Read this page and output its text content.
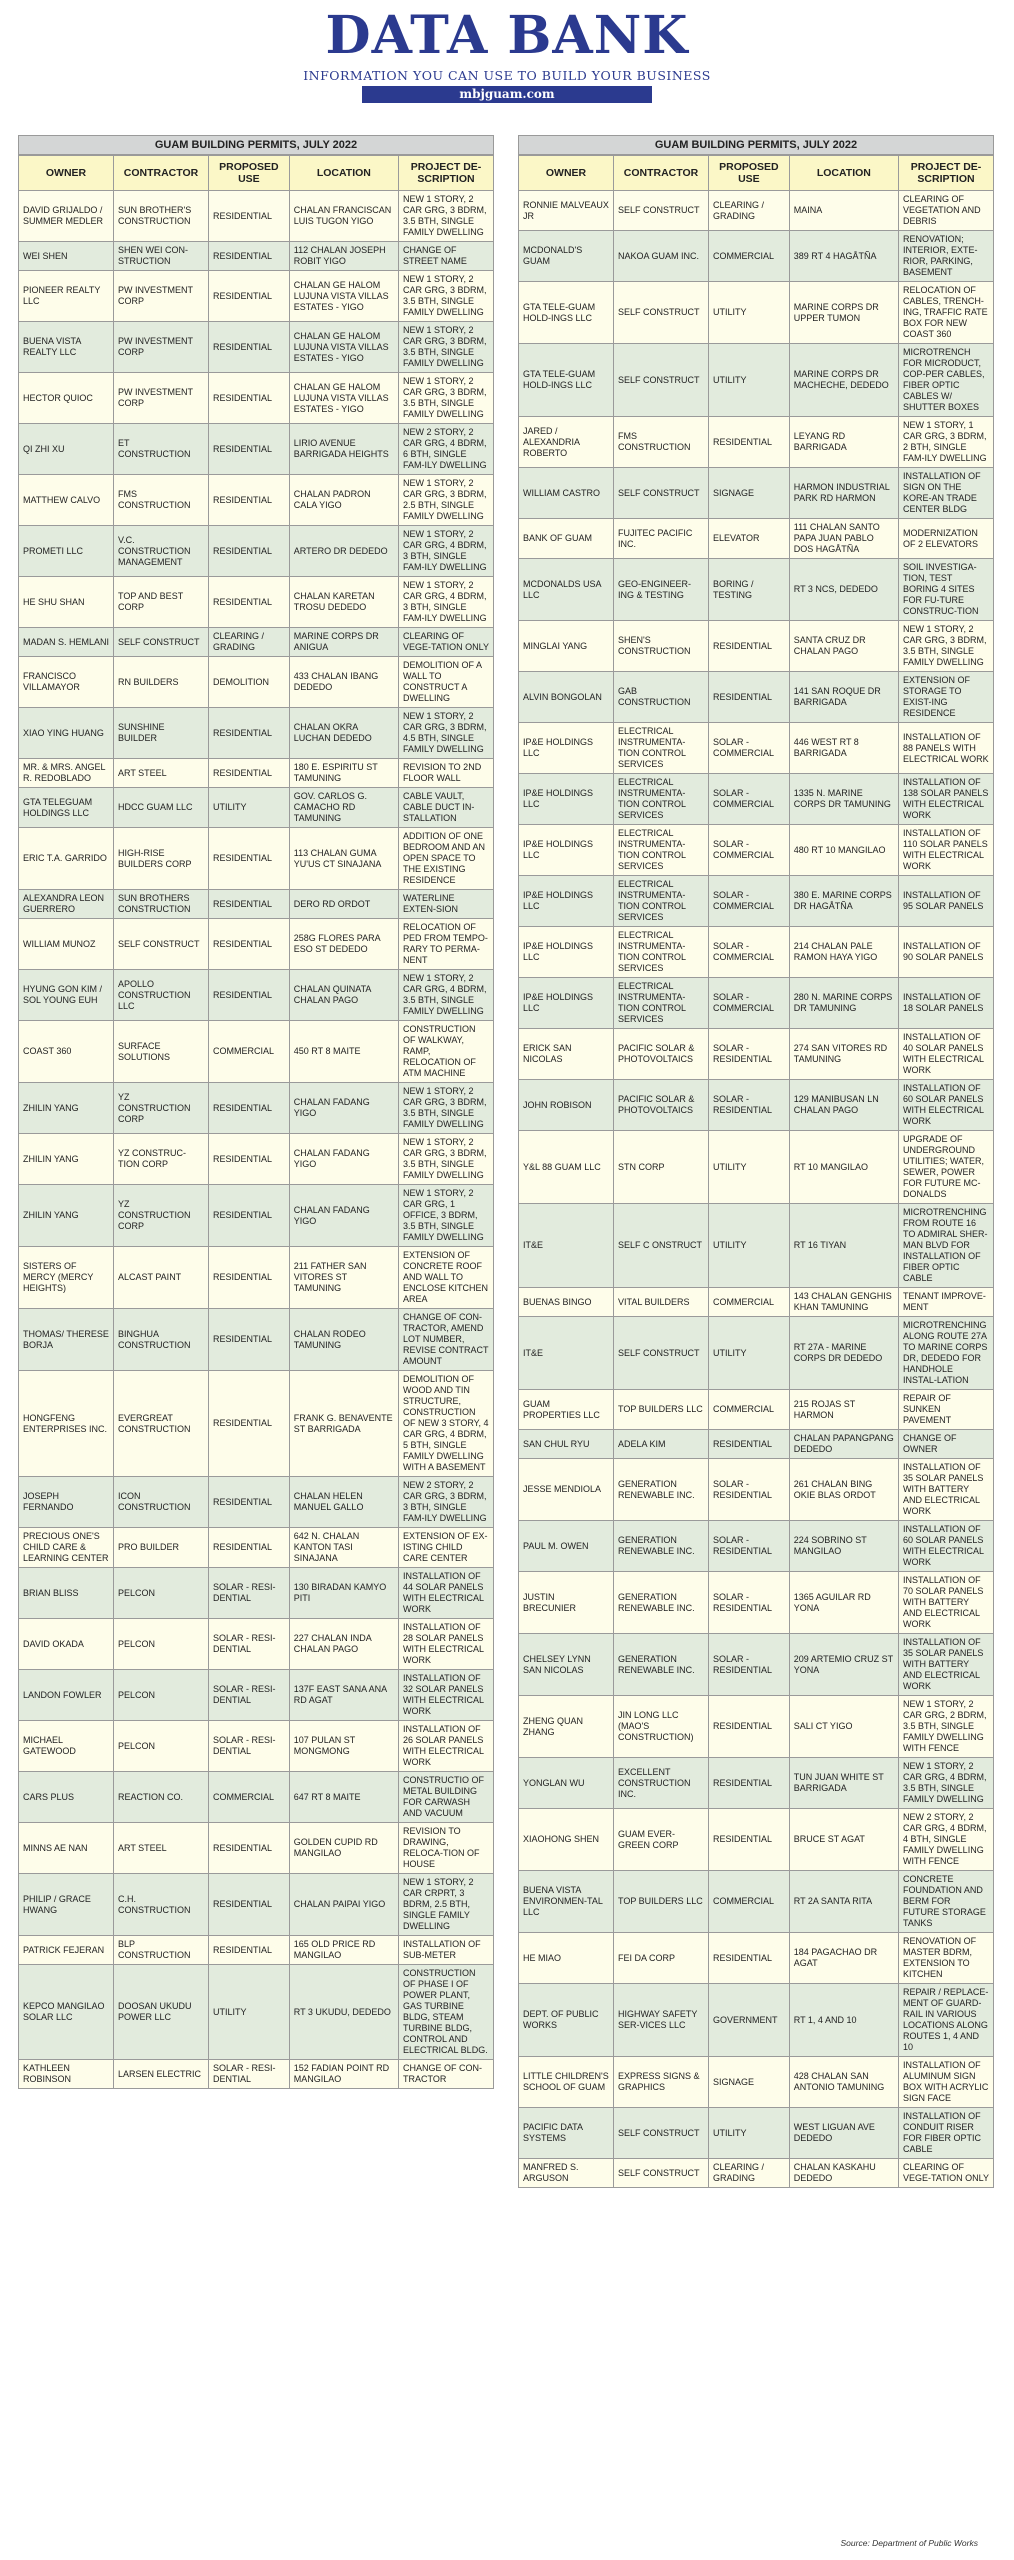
DATA BANK
INFORMATION YOU CAN USE TO BUILD YOUR BUSINESS
mbjguam.com
GUAM BUILDING PERMITS, JULY 2022
OWNER	CONTRACTOR	PROPOSED USE	LOCATION	PROJECT DE-SCRIPTION
DAVID GRIJALDO / SUMMER MEDLER	SUN BROTHER'S CONSTRUCTION	RESIDENTIAL	CHALAN FRANCISCAN LUIS TUGON YIGO	NEW 1 STORY, 2 CAR GRG, 3 BDRM, 3.5 BTH, SINGLE FAMILY DWELLING
WEI SHEN	SHEN WEI CON-STRUCTION	RESIDENTIAL	112 CHALAN JOSEPH ROBIT YIGO	CHANGE OF STREET NAME
PIONEER REALTY LLC	PW INVESTMENT CORP	RESIDENTIAL	CHALAN GE HALOM LUJUNA VISTA VILLAS ESTATES - YIGO	NEW 1 STORY, 2 CAR GRG, 3 BDRM, 3.5 BTH, SINGLE FAMILY DWELLING
BUENA VISTA REALTY LLC	PW INVESTMENT CORP	RESIDENTIAL	CHALAN GE HALOM LUJUNA VISTA VILLAS ESTATES - YIGO	NEW 1 STORY, 2 CAR GRG, 3 BDRM, 3.5 BTH, SINGLE FAMILY DWELLING
HECTOR QUIOC	PW INVESTMENT CORP	RESIDENTIAL	CHALAN GE HALOM LUJUNA VISTA VILLAS ESTATES - YIGO	NEW 1 STORY, 2 CAR GRG, 3 BDRM, 3.5 BTH, SINGLE FAMILY DWELLING
QI ZHI XU	ET CONSTRUCTION	RESIDENTIAL	LIRIO AVENUE BARRIGADA HEIGHTS	NEW 2 STORY, 2 CAR GRG, 4 BDRM, 6 BTH, SINGLE FAM-ILY DWELLING
MATTHEW CALVO	FMS CONSTRUCTION	RESIDENTIAL	CHALAN PADRON CALA YIGO	NEW 1 STORY, 2 CAR GRG, 3 BDRM, 2.5 BTH, SINGLE FAMILY DWELLING
PROMETI LLC	V.C. CONSTRUCTION MANAGEMENT	RESIDENTIAL	ARTERO DR DEDEDO	NEW 1 STORY, 2 CAR GRG, 4 BDRM, 3 BTH, SINGLE FAM-ILY DWELLING
HE SHU SHAN	TOP AND BEST CORP	RESIDENTIAL	CHALAN KARETAN TROSU DEDEDO	NEW 1 STORY, 2 CAR GRG, 4 BDRM, 3 BTH, SINGLE FAM-ILY DWELLING
MADAN S. HEMLANI	SELF CONSTRUCT	CLEARING / GRADING	MARINE CORPS DR ANIGUA	CLEARING OF VEGE-TATION ONLY
FRANCISCO VILLAMAYOR	RN BUILDERS	DEMOLITION	433 CHALAN IBANG DEDEDO	DEMOLITION OF A WALL TO CONSTRUCT A DWELLING
XIAO YING HUANG	SUNSHINE BUILDER	RESIDENTIAL	CHALAN OKRA LUCHAN DEDEDO	NEW 1 STORY, 2 CAR GRG, 3 BDRM, 4.5 BTH, SINGLE FAMILY DWELLING
MR. & MRS. ANGEL R. REDOBLADO	ART STEEL	RESIDENTIAL	180 E. ESPIRITU ST TAMUNING	REVISION TO 2ND FLOOR WALL
GTA TELEGUAM HOLDINGS LLC	HDCC GUAM LLC	UTILITY	GOV. CARLOS G. CAMACHO RD TAMUNING	CABLE VAULT, CABLE DUCT IN-STALLATION
ERIC T.A. GARRIDO	HIGH-RISE BUILDERS CORP	RESIDENTIAL	113 CHALAN GUMA YU'US CT SINAJANA	ADDITION OF ONE BEDROOM AND AN OPEN SPACE TO THE EXISTING RESIDENCE
ALEXANDRA LEON GUERRERO	SUN BROTHERS CONSTRUCTION	RESIDENTIAL	DERO RD ORDOT	WATERLINE EXTEN-SION
WILLIAM MUNOZ	SELF CONSTRUCT	RESIDENTIAL	258G FLORES PARA ESO ST DEDEDO	RELOCATION OF PED FROM TEMPO-RARY TO PERMA-NENT
HYUNG GON KIM / SOL YOUNG EUH	APOLLO CONSTRUCTION LLC	RESIDENTIAL	CHALAN QUINATA CHALAN PAGO	NEW 1 STORY, 2 CAR GRG, 4 BDRM, 3.5 BTH, SINGLE FAMILY DWELLING
COAST 360	SURFACE SOLUTIONS	COMMERCIAL	450 RT 8 MAITE	CONSTRUCTION OF WALKWAY, RAMP, RELOCATION OF ATM MACHINE
ZHILIN YANG	YZ CONSTRUCTION CORP	RESIDENTIAL	CHALAN FADANG YIGO	NEW 1 STORY, 2 CAR GRG, 3 BDRM, 3.5 BTH, SINGLE FAMILY DWELLING
ZHILIN YANG	YZ CONSTRUC-TION CORP	RESIDENTIAL	CHALAN FADANG YIGO	NEW 1 STORY, 2 CAR GRG, 3 BDRM, 3.5 BTH, SINGLE FAMILY DWELLING
ZHILIN YANG	YZ CONSTRUCTION CORP	RESIDENTIAL	CHALAN FADANG YIGO	NEW 1 STORY, 2 CAR GRG, 1 OFFICE, 3 BDRM, 3.5 BTH, SINGLE FAMILY DWELLING
SISTERS OF MERCY (MERCY HEIGHTS)	ALCAST PAINT	RESIDENTIAL	211 FATHER SAN VITORES ST TAMUNING	EXTENSION OF CONCRETE ROOF AND WALL TO ENCLOSE KITCHEN AREA
THOMAS/ THERESE BORJA	BINGHUA CONSTRUCTION	RESIDENTIAL	CHALAN RODEO TAMUNING	CHANGE OF CON-TRACTOR, AMEND LOT NUMBER, REVISE CONTRACT AMOUNT
HONGFENG ENTERPRISES INC.	EVERGREAT CONSTRUCTION	RESIDENTIAL	FRANK G. BENAVENTE ST BARRIGADA	DEMOLITION OF WOOD AND TIN STRUCTURE, CONSTRUCTION OF NEW 3 STORY, 4 CAR GRG, 4 BDRM, 5 BTH, SINGLE FAMILY DWELLING WITH A BASEMENT
JOSEPH FERNANDO	ICON CONSTRUCTION	RESIDENTIAL	CHALAN HELEN MANUEL GALLO	NEW 2 STORY, 2 CAR GRG, 3 BDRM, 3 BTH, SINGLE FAM-ILY DWELLING
PRECIOUS ONE'S CHILD CARE & LEARNING CENTER	PRO BUILDER	RESIDENTIAL	642 N. CHALAN KANTON TASI SINAJANA	EXTENSION OF EX-ISTING CHILD CARE CENTER
BRIAN BLISS	PELCON	SOLAR - RESI-DENTIAL	130 BIRADAN KAMYO PITI	INSTALLATION OF 44 SOLAR PANELS WITH ELECTRICAL WORK
DAVID OKADA	PELCON	SOLAR - RESI-DENTIAL	227 CHALAN INDA CHALAN PAGO	INSTALLATION OF 28 SOLAR PANELS WITH ELECTRICAL WORK
LANDON FOWLER	PELCON	SOLAR - RESI-DENTIAL	137F EAST SANA ANA RD AGAT	INSTALLATION OF 32 SOLAR PANELS WITH ELECTRICAL WORK
MICHAEL GATEWOOD	PELCON	SOLAR - RESI-DENTIAL	107 PULAN ST MONGMONG	INSTALLATION OF 26 SOLAR PANELS WITH ELECTRICAL WORK
CARS PLUS	REACTION CO.	COMMERCIAL	647 RT 8 MAITE	CONSTRUCTIO OF METAL BUILDING FOR CARWASH AND VACUUM
MINNS AE NAN	ART STEEL	RESIDENTIAL	GOLDEN CUPID RD MANGILAO	REVISION TO DRAWING, RELOCA-TION OF HOUSE
PHILIP / GRACE HWANG	C.H. CONSTRUCTION	RESIDENTIAL	CHALAN PAIPAI YIGO	NEW 1 STORY, 2 CAR CRPRT, 3 BDRM, 2.5 BTH, SINGLE FAMILY DWELLING
PATRICK FEJERAN	BLP CONSTRUCTION	RESIDENTIAL	165 OLD PRICE RD MANGILAO	INSTALLATION OF SUB-METER
KEPCO MANGILAO SOLAR LLC	DOOSAN UKUDU POWER LLC	UTILITY	RT 3 UKUDU, DEDEDO	CONSTRUCTION OF PHASE I OF POWER PLANT, GAS TURBINE BLDG, STEAM TURBINE BLDG, CONTROL AND ELECTRICAL BLDG.
KATHLEEN ROBINSON	LARSEN ELECTRIC	SOLAR - RESI-DENTIAL	152 FADIAN POINT RD MANGILAO	CHANGE OF CON-TRACTOR
GUAM BUILDING PERMITS, JULY 2022
OWNER	CONTRACTOR	PROPOSED USE	LOCATION	PROJECT DE-SCRIPTION
RONNIE MALVEAUX JR	SELF CONSTRUCT	CLEARING / GRADING	MAINA	CLEARING OF VEGETATION AND DEBRIS
MCDONALD'S GUAM	NAKOA GUAM INC.	COMMERCIAL	389 RT 4 HAGÅTÑA	RENOVATION; INTERIOR, EXTE-RIOR, PARKING, BASEMENT
GTA TELE-GUAM HOLD-INGS LLC	SELF CONSTRUCT	UTILITY	MARINE CORPS DR UPPER TUMON	RELOCATION OF CABLES, TRENCH-ING, TRAFFIC RATE BOX FOR NEW COAST 360
GTA TELE-GUAM HOLD-INGS LLC	SELF CONSTRUCT	UTILITY	MARINE CORPS DR MACHECHE, DEDEDO	MICROTRENCH FOR MICRODUCT, COP-PER CABLES, FIBER OPTIC CABLES W/ SHUTTER BOXES
JARED / ALEXANDRIA ROBERTO	FMS CONSTRUCTION	RESIDENTIAL	LEYANG RD BARRIGADA	NEW 1 STORY, 1 CAR GRG, 3 BDRM, 2 BTH, SINGLE FAM-ILY DWELLING
WILLIAM CASTRO	SELF CONSTRUCT	SIGNAGE	HARMON INDUSTRIAL PARK RD HARMON	INSTALLATION OF SIGN ON THE KORE-AN TRADE CENTER BLDG
BANK OF GUAM	FUJITEC PACIFIC INC.	ELEVATOR	111 CHALAN SANTO PAPA JUAN PABLO DOS HAGÅTÑA	MODERNIZATION OF 2 ELEVATORS
MCDONALDS USA LLC	GEO-ENGINEER-ING & TESTING	BORING / TESTING	RT 3 NCS, DEDEDO	SOIL INVESTIGA-TION, TEST BORING 4 SITES FOR FU-TURE CONSTRUC-TION
MINGLAI YANG	SHEN'S CONSTRUCTION	RESIDENTIAL	SANTA CRUZ DR CHALAN PAGO	NEW 1 STORY, 2 CAR GRG, 3 BDRM, 3.5 BTH, SINGLE FAMILY DWELLING
ALVIN BONGOLAN	GAB CONSTRUCTION	RESIDENTIAL	141 SAN ROQUE DR BARRIGADA	EXTENSION OF STORAGE TO EXIST-ING RESIDENCE
IP&E HOLDINGS LLC	ELECTRICAL INSTRUMENTA-TION CONTROL SERVICES	SOLAR - COMMERCIAL	446 WEST RT 8 BARRIGADA	INSTALLATION OF 88 PANELS WITH ELECTRICAL WORK
IP&E HOLDINGS LLC	ELECTRICAL INSTRUMENTA-TION CONTROL SERVICES	SOLAR - COMMERCIAL	1335 N. MARINE CORPS DR TAMUNING	INSTALLATION OF 138 SOLAR PANELS WITH ELECTRICAL WORK
IP&E HOLDINGS LLC	ELECTRICAL INSTRUMENTA-TION CONTROL SERVICES	SOLAR - COMMERCIAL	480 RT 10 MANGILAO	INSTALLATION OF 110 SOLAR PANELS WITH ELECTRICAL WORK
IP&E HOLDINGS LLC	ELECTRICAL INSTRUMENTA-TION CONTROL SERVICES	SOLAR - COMMERCIAL	380 E. MARINE CORPS DR HAGÅTÑA	INSTALLATION OF 95 SOLAR PANELS
IP&E HOLDINGS LLC	ELECTRICAL INSTRUMENTA-TION CONTROL SERVICES	SOLAR - COMMERCIAL	214 CHALAN PALE RAMON HAYA YIGO	INSTALLATION OF 90 SOLAR PANELS
IP&E HOLDINGS LLC	ELECTRICAL INSTRUMENTA-TION CONTROL SERVICES	SOLAR - COMMERCIAL	280 N. MARINE CORPS DR TAMUNING	INSTALLATION OF 18 SOLAR PANELS
ERICK SAN NICOLAS	PACIFIC SOLAR & PHOTOVOLTAICS	SOLAR - RESIDENTIAL	274 SAN VITORES RD TAMUNING	INSTALLATION OF 40 SOLAR PANELS WITH ELECTRICAL WORK
JOHN ROBISON	PACIFIC SOLAR & PHOTOVOLTAICS	SOLAR - RESIDENTIAL	129 MANIBUSAN LN CHALAN PAGO	INSTALLATION OF 60 SOLAR PANELS WITH ELECTRICAL WORK
Y&L 88 GUAM LLC	STN CORP	UTILITY	RT 10 MANGILAO	UPGRADE OF UNDERGROUND UTILITIES; WATER, SEWER, POWER FOR FUTURE MC-DONALDS
IT&E	SELF C ONSTRUCT	UTILITY	RT 16 TIYAN	MICROTRENCHING FROM ROUTE 16 TO ADMIRAL SHER-MAN BLVD FOR INSTALLATION OF FIBER OPTIC CABLE
BUENAS BINGO	VITAL BUILDERS	COMMERCIAL	143 CHALAN GENGHIS KHAN TAMUNING	TENANT IMPROVE-MENT
IT&E	SELF CONSTRUCT	UTILITY	RT 27A - MARINE CORPS DR DEDEDO	MICROTRENCHING ALONG ROUTE 27A TO MARINE CORPS DR, DEDEDO FOR HANDHOLE INSTAL-LATION
GUAM PROPERTIES LLC	TOP BUILDERS LLC	COMMERCIAL	215 ROJAS ST HARMON	REPAIR OF SUNKEN PAVEMENT
SAN CHUL RYU	ADELA KIM	RESIDENTIAL	CHALAN PAPANGPANG DEDEDO	CHANGE OF OWNER
JESSE MENDIOLA	GENERATION RENEWABLE INC.	SOLAR - RESIDENTIAL	261 CHALAN BING OKIE BLAS ORDOT	INSTALLATION OF 35 SOLAR PANELS WITH BATTERY AND ELECTRICAL WORK
PAUL M. OWEN	GENERATION RENEWABLE INC.	SOLAR - RESIDENTIAL	224 SOBRINO ST MANGILAO	INSTALLATION OF 60 SOLAR PANELS WITH ELECTRICAL WORK
JUSTIN BRECUNIER	GENERATION RENEWABLE INC.	SOLAR - RESIDENTIAL	1365 AGUILAR RD YONA	INSTALLATION OF 70 SOLAR PANELS WITH BATTERY AND ELECTRICAL WORK
CHELSEY LYNN SAN NICOLAS	GENERATION RENEWABLE INC.	SOLAR - RESIDENTIAL	209 ARTEMIO CRUZ ST YONA	INSTALLATION OF 35 SOLAR PANELS WITH BATTERY AND ELECTRICAL WORK
ZHENG QUAN ZHANG	JIN LONG LLC (MAO'S CONSTRUCTION)	RESIDENTIAL	SALI CT YIGO	NEW 1 STORY, 2 CAR GRG, 2 BDRM, 3.5 BTH, SINGLE FAMILY DWELLING WITH FENCE
YONGLAN WU	EXCELLENT CONSTRUCTION INC.	RESIDENTIAL	TUN JUAN WHITE ST BARRIGADA	NEW 1 STORY, 2 CAR GRG, 4 BDRM, 3.5 BTH, SINGLE FAMILY DWELLING
XIAOHONG SHEN	GUAM EVER-GREEN CORP	RESIDENTIAL	BRUCE ST AGAT	NEW 2 STORY, 2 CAR GRG, 4 BDRM, 4 BTH, SINGLE FAMILY DWELLING WITH FENCE
BUENA VISTA ENVIRONMEN-TAL LLC	TOP BUILDERS LLC	COMMERCIAL	RT 2A SANTA RITA	CONCRETE FOUNDATION AND BERM FOR FUTURE STORAGE TANKS
HE MIAO	FEI DA CORP	RESIDENTIAL	184 PAGACHAO DR AGAT	RENOVATION OF MASTER BDRM, EXTENSION TO KITCHEN
DEPT. OF PUBLIC WORKS	HIGHWAY SAFETY SER-VICES LLC	GOVERNMENT	RT 1, 4 AND 10	REPAIR / REPLACE-MENT OF GUARD-RAIL IN VARIOUS LOCATIONS ALONG ROUTES 1, 4 AND 10
LITTLE CHILDREN'S SCHOOL OF GUAM	EXPRESS SIGNS & GRAPHICS	SIGNAGE	428 CHALAN SAN ANTONIO TAMUNING	INSTALLATION OF ALUMINUM SIGN BOX WITH ACRYLIC SIGN FACE
PACIFIC DATA SYSTEMS	SELF CONSTRUCT	UTILITY	WEST LIGUAN AVE DEDEDO	INSTALLATION OF CONDUIT RISER FOR FIBER OPTIC CABLE
MANFRED S. ARGUSON	SELF CONSTRUCT	CLEARING / GRADING	CHALAN KASKAHU DEDEDO	CLEARING OF VEGE-TATION ONLY
Source: Department of Public Works
